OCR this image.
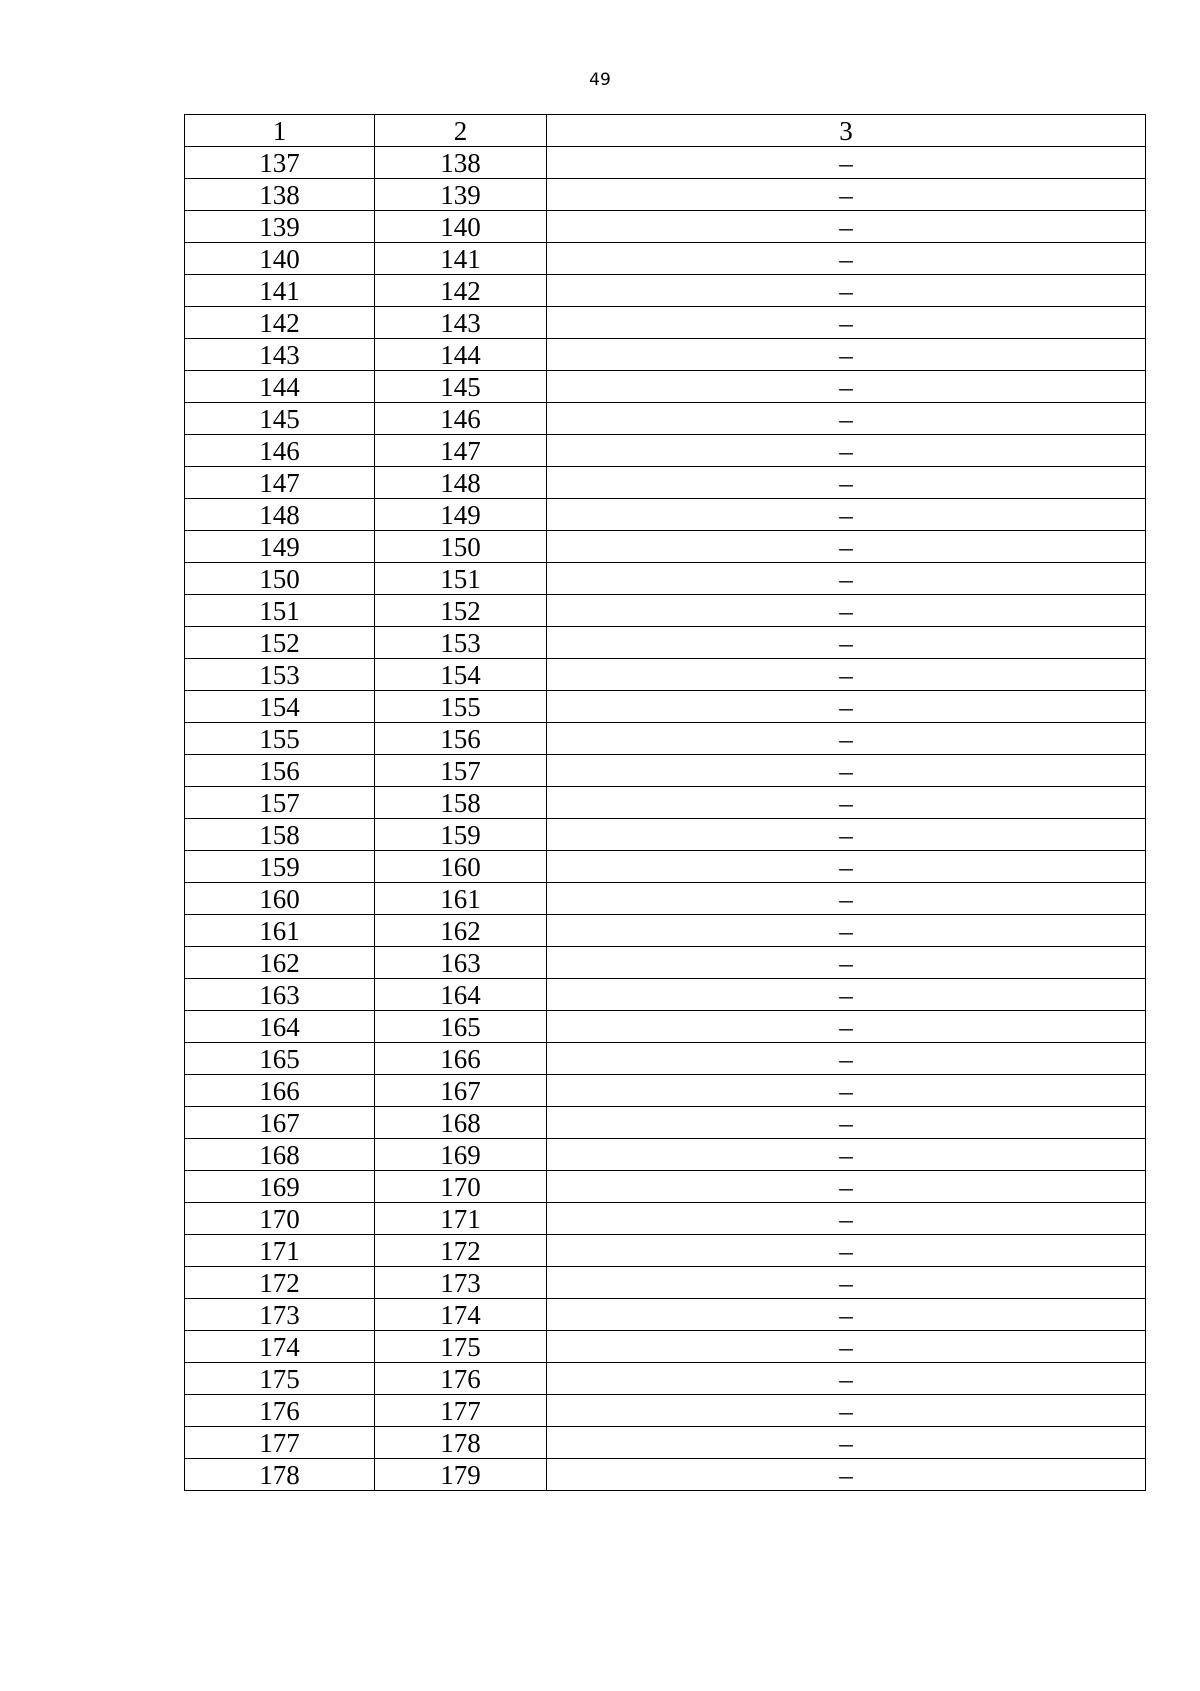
49
1	2	3
137	138	–
138	139	–
139	140	–
140	141	–
141	142	–
142	143	–
143	144	–
144	145	–
145	146	–
146	147	–
147	148	–
148	149	–
149	150	–
150	151	–
151	152	–
152	153	–
153	154	–
154	155	–
155	156	–
156	157	–
157	158	–
158	159	–
159	160	–
160	161	–
161	162	–
162	163	–
163	164	–
164	165	–
165	166	–
166	167	–
167	168	–
168	169	–
169	170	–
170	171	–
171	172	–
172	173	–
173	174	–
174	175	–
175	176	–
176	177	–
177	178	–
178	179	–
